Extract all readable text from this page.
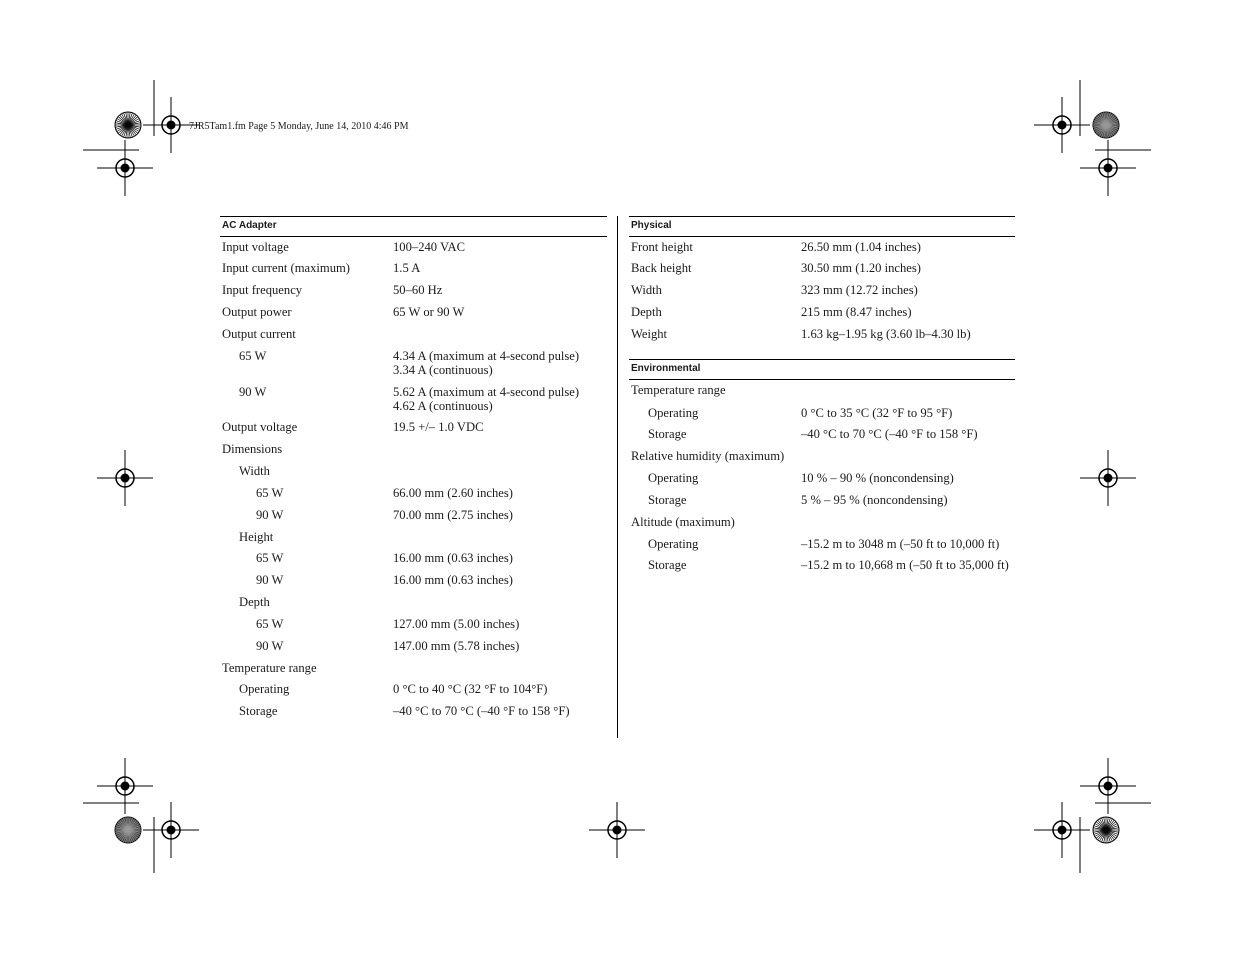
7JR5Tam1.fm Page 5 Monday, June 14, 2010 4:46 PM
AC Adapter
Input voltage	100–240 VAC
Input current (maximum)	1.5 A
Input frequency	50–60 Hz
Output power	65 W or 90 W
Output current
65 W	4.34 A (maximum at 4-second pulse)
3.34 A (continuous)
90 W	5.62 A (maximum at 4-second pulse)
4.62 A (continuous)
Output voltage	19.5 +/– 1.0 VDC
Dimensions
Width
65 W	66.00 mm (2.60 inches)
90 W	70.00 mm (2.75 inches)
Height
65 W	16.00 mm (0.63 inches)
90 W	16.00 mm (0.63 inches)
Depth
65 W	127.00 mm (5.00 inches)
90 W	147.00 mm (5.78 inches)
Temperature range
Operating	0 °C to 40 °C (32 °F to 104°F)
Storage	–40 °C to 70 °C (–40 °F to 158 °F)
Physical
Front height	26.50 mm (1.04 inches)
Back height	30.50 mm (1.20 inches)
Width	323 mm (12.72 inches)
Depth	215 mm (8.47 inches)
Weight	1.63 kg–1.95 kg (3.60 lb–4.30 lb)
Environmental
Temperature range
Operating	0 °C to 35 °C (32 °F to 95 °F)
Storage	–40 °C to 70 °C (–40 °F to 158 °F)
Relative humidity (maximum)
Operating	10 % – 90 % (noncondensing)
Storage	5 % – 95 % (noncondensing)
Altitude (maximum)
Operating	–15.2 m to 3048 m (–50 ft to 10,000 ft)
Storage	–15.2 m to 10,668 m (–50 ft to 35,000 ft)
